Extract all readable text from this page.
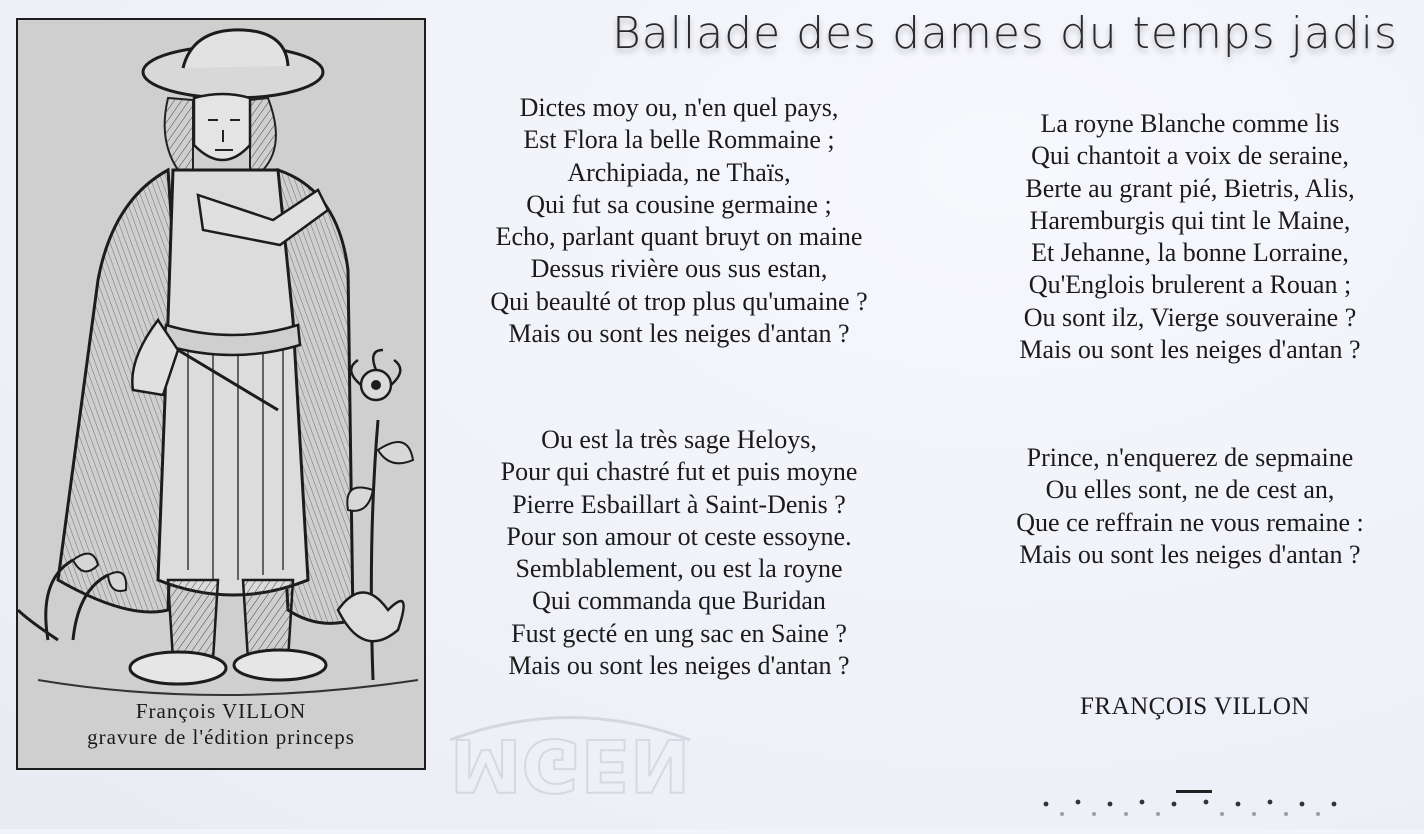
François VILLON
gravure de l'édition princeps
Ballade des dames du temps jadis
Dictes moy ou, n'en quel pays,
Est Flora la belle Rommaine ;
Archipiada, ne Thaïs,
Qui fut sa cousine germaine ;
Echo, parlant quant bruyt on maine
Dessus rivière ous sus estan,
Qui beaulté ot trop plus qu'umaine ?
Mais ou sont les neiges d'antan ?
Ou est la très sage Heloys,
Pour qui chastré fut et puis moyne
Pierre Esbaillart à Saint-Denis ?
Pour son amour ot ceste essoyne.
Semblablement, ou est la royne
Qui commanda que Buridan
Fust gecté en ung sac en Saine ?
Mais ou sont les neiges d'antan ?
La royne Blanche comme lis
Qui chantoit a voix de seraine,
Berte au grant pié, Bietris, Alis,
Haremburgis qui tint le Maine,
Et Jehanne, la bonne Lorraine,
Qu'Englois brulerent a Rouan ;
Ou sont ilz, Vierge souveraine ?
Mais ou sont les neiges d'antan ?
Prince, n'enquerez de sepmaine
Ou elles sont, ne de cest an,
Que ce reffrain ne vous remaine :
Mais ou sont les neiges d'antan ?
FRANÇOIS VILLON
MGEN
